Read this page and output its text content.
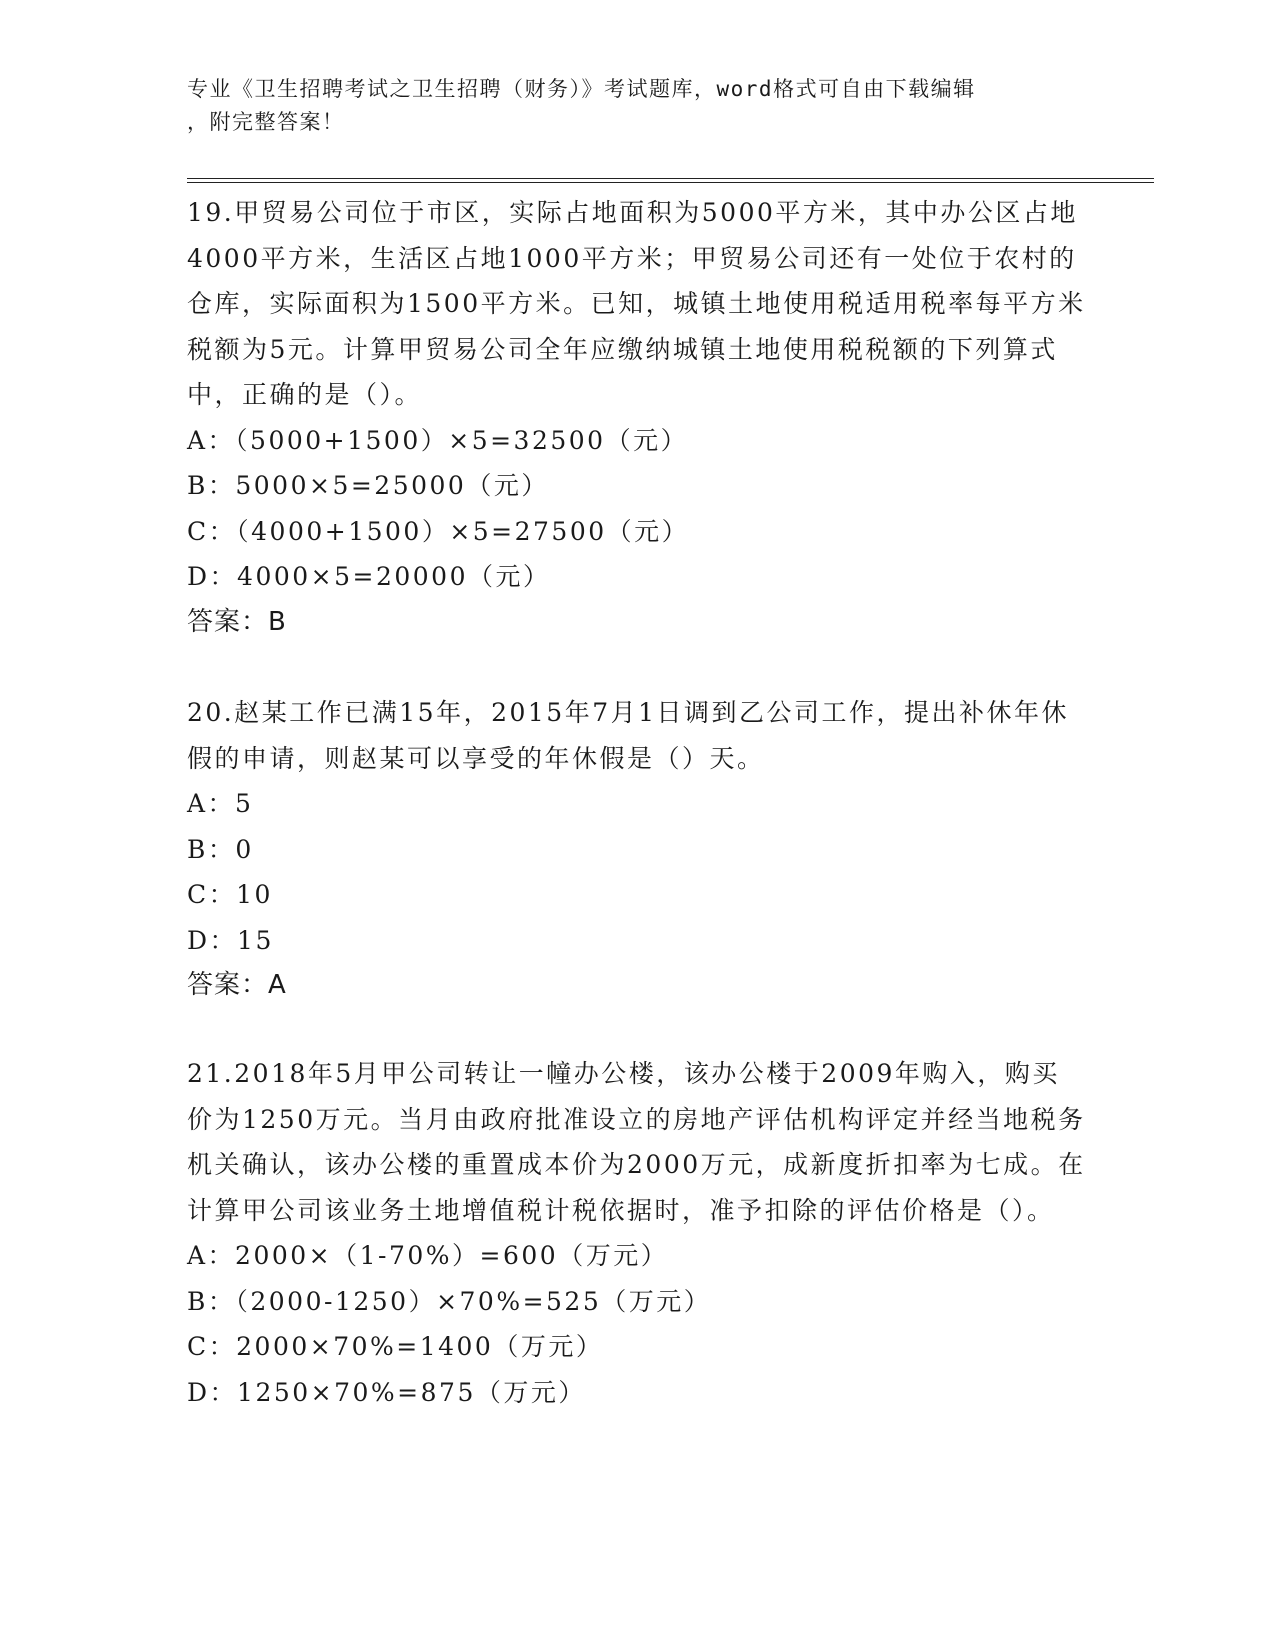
专业《卫生招聘考试之卫生招聘（财务）》考试题库，word格式可自由下载编辑
，附完整答案！

19.甲贸易公司位于市区，实际占地面积为5000平方米，其中办公区占地4000平方米，生活区占地1000平方米；甲贸易公司还有一处位于农村的仓库，实际面积为1500平方米。已知，城镇土地使用税适用税率每平方米税额为5元。计算甲贸易公司全年应缴纳城镇土地使用税税额的下列算式中，正确的是（）。

A：（5000+1500）×5=32500（元）

B：5000×5=25000（元）

C：（4000+1500）×5=27500（元）

D：4000×5=20000（元）

答案：B

20.赵某工作已满15年，2015年7月1日调到乙公司工作，提出补休年休假的申请，则赵某可以享受的年休假是（）天。

A：5

B：0

C：10

D：15

答案：A

21.2018年5月甲公司转让一幢办公楼，该办公楼于2009年购入，购买价为1250万元。当月由政府批准设立的房地产评估机构评定并经当地税务机关确认，该办公楼的重置成本价为2000万元，成新度折扣率为七成。在计算甲公司该业务土地增值税计税依据时，准予扣除的评估价格是（）。

A：2000×（1-70%）=600（万元）

B：（2000-1250）×70%=525（万元）

C：2000×70%=1400（万元）

D：1250×70%=875（万元）
